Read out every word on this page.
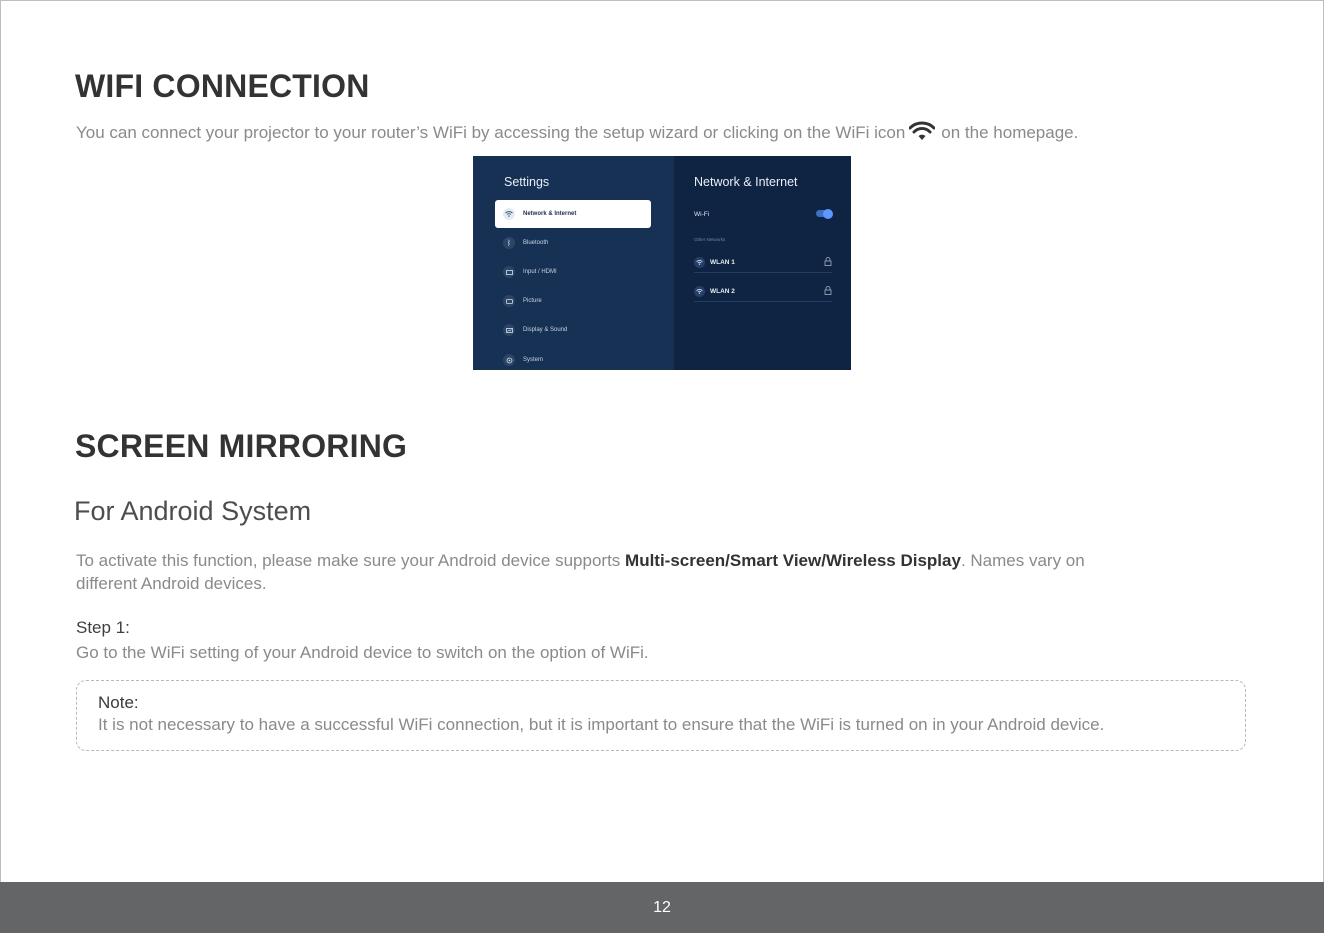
WIFI CONNECTION

You can connect your projector to your router’s WiFi by accessing the setup wizard or clicking on the WiFi icon on the homepage.

Settings
Network & Internet
ᛒ	Bluetooth
Input / HDMI
Picture
Display & Sound
System
Network & Internet
Wi-Fi
Other Networks
WLAN 1
WLAN 2
SCREEN MIRRORING
For Android System

To activate this function, please make sure your Android device supports Multi-screen/Smart View/Wireless Display. Names vary on

different Android devices.

Step 1:

Go to the WiFi setting of your Android device to switch on the option of WiFi.

Note:

It is not necessary to have a successful WiFi connection, but it is important to ensure that the WiFi is turned on in your Android device.

12
